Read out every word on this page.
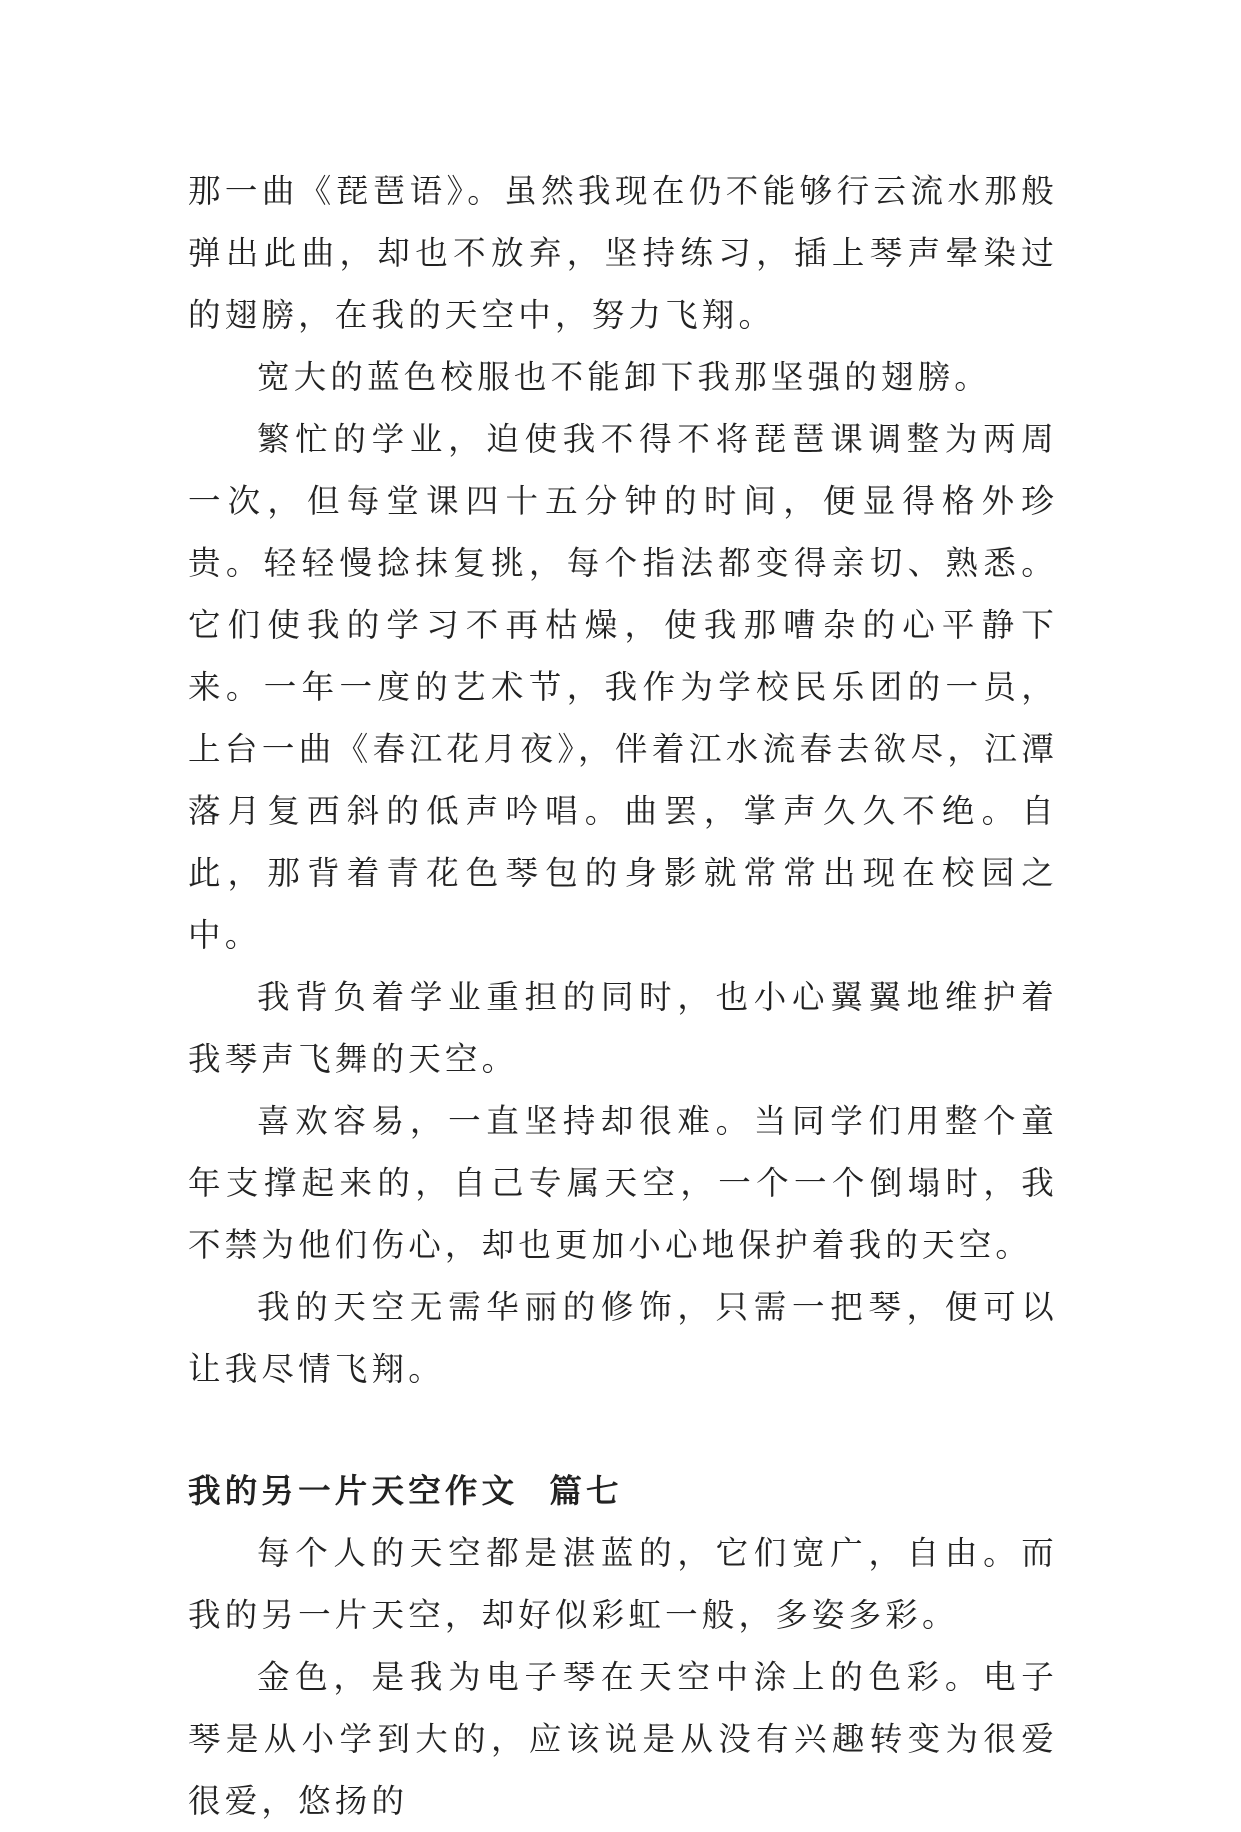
那一曲《琵琶语》。虽然我现在仍不能够行云流水那般弹出此曲，却也不放弃，坚持练习，插上琴声晕染过的翅膀，在我的天空中，努力飞翔。

宽大的蓝色校服也不能卸下我那坚强的翅膀。

繁忙的学业，迫使我不得不将琵琶课调整为两周一次，但每堂课四十五分钟的时间，便显得格外珍贵。轻轻慢捻抹复挑，每个指法都变得亲切、熟悉。它们使我的学习不再枯燥，使我那嘈杂的心平静下来。一年一度的艺术节，我作为学校民乐团的一员，上台一曲《春江花月夜》，伴着江水流春去欲尽，江潭落月复西斜的低声吟唱。曲罢，掌声久久不绝。自此，那背着青花色琴包的身影就常常出现在校园之中。

我背负着学业重担的同时，也小心翼翼地维护着我琴声飞舞的天空。

喜欢容易，一直坚持却很难。当同学们用整个童年支撑起来的，自己专属天空，一个一个倒塌时，我不禁为他们伤心，却也更加小心地保护着我的天空。

我的天空无需华丽的修饰，只需一把琴，便可以让我尽情飞翔。

我的另一片天空作文  篇七

每个人的天空都是湛蓝的，它们宽广，自由。而我的另一片天空，却好似彩虹一般，多姿多彩。

金色，是我为电子琴在天空中涂上的色彩。电子琴是从小学到大的，应该说是从没有兴趣转变为很爱很爱，悠扬的
